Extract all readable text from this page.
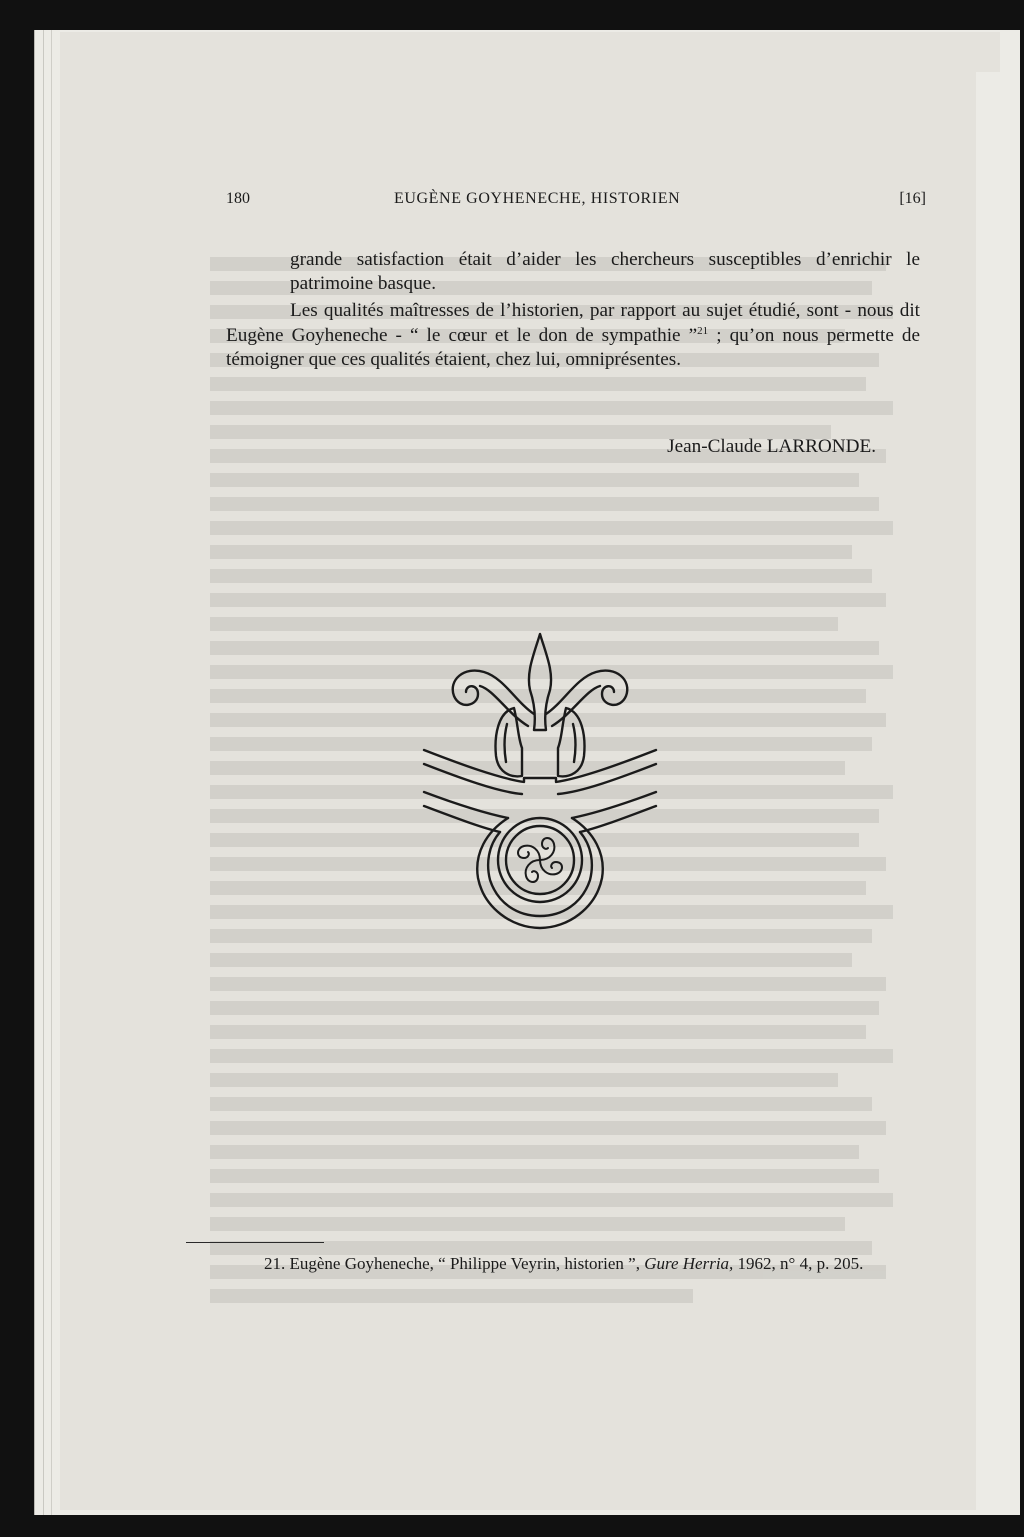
180	EUGÈNE GOYHENECHE, HISTORIEN	[16]

grande satisfaction était d’aider les chercheurs susceptibles d’enrichir le patrimoine basque.

Les qualités maîtresses de l’historien, par rapport au sujet étudié, sont - nous dit Eugène Goyheneche - “ le cœur et le don de sympathie ”$^{21}$ ; qu’on nous permette de témoigner que ces qualités étaient, chez lui, omniprésentes.

Jean-Claude LARRONDE.
21. Eugène Goyheneche, “ Philippe Veyrin, historien ”, Gure Herria, 1962, n° 4, p. 205.
